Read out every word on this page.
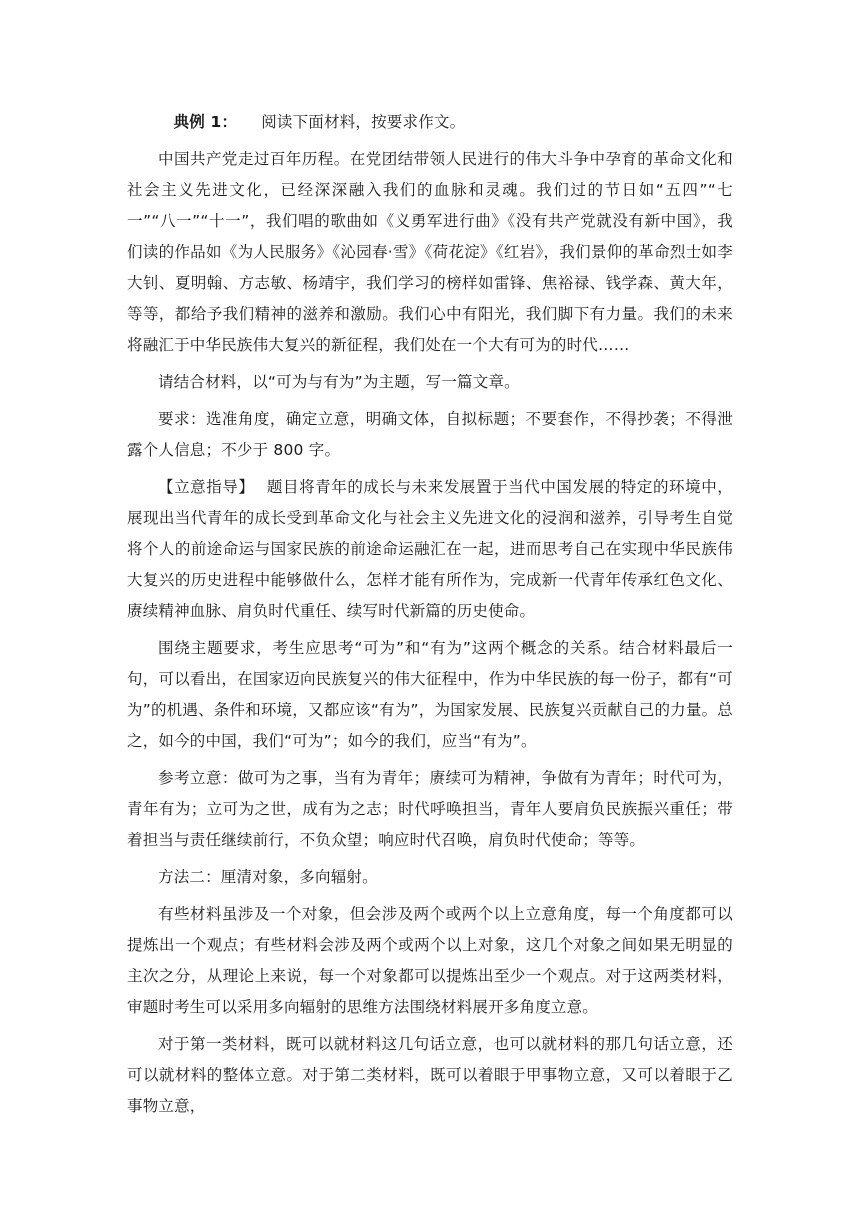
典例 1： 阅读下面材料，按要求作文。

中国共产党走过百年历程。在党团结带领人民进行的伟大斗争中孕育的革命文化和社会主义先进文化，已经深深融入我们的血脉和灵魂。我们过的节日如“五四”“七一”“八一”“十一”，我们唱的歌曲如《义勇军进行曲》《没有共产党就没有新中国》，我们读的作品如《为人民服务》《沁园春·雪》《荷花淀》《红岩》，我们景仰的革命烈士如李大钊、夏明翰、方志敏、杨靖宇，我们学习的榜样如雷锋、焦裕禄、钱学森、黄大年，等等，都给予我们精神的滋养和激励。我们心中有阳光，我们脚下有力量。我们的未来将融汇于中华民族伟大复兴的新征程，我们处在一个大有可为的时代……

请结合材料，以“可为与有为”为主题，写一篇文章。

要求：选准角度，确定立意，明确文体，自拟标题；不要套作，不得抄袭；不得泄露个人信息；不少于 800 字。

【立意指导】 题目将青年的成长与未来发展置于当代中国发展的特定的环境中，展现出当代青年的成长受到革命文化与社会主义先进文化的浸润和滋养，引导考生自觉将个人的前途命运与国家民族的前途命运融汇在一起，进而思考自己在实现中华民族伟大复兴的历史进程中能够做什么，怎样才能有所作为，完成新一代青年传承红色文化、赓续精神血脉、肩负时代重任、续写时代新篇的历史使命。

围绕主题要求，考生应思考“可为”和“有为”这两个概念的关系。结合材料最后一句，可以看出，在国家迈向民族复兴的伟大征程中，作为中华民族的每一份子，都有“可为”的机遇、条件和环境，又都应该“有为”，为国家发展、民族复兴贡献自己的力量。总之，如今的中国，我们“可为”；如今的我们，应当“有为”。

参考立意：做可为之事，当有为青年；赓续可为精神，争做有为青年；时代可为，青年有为；立可为之世，成有为之志；时代呼唤担当，青年人要肩负民族振兴重任；带着担当与责任继续前行，不负众望；响应时代召唤，肩负时代使命；等等。

方法二：厘清对象，多向辐射。

有些材料虽涉及一个对象，但会涉及两个或两个以上立意角度，每一个角度都可以提炼出一个观点；有些材料会涉及两个或两个以上对象，这几个对象之间如果无明显的主次之分，从理论上来说，每一个对象都可以提炼出至少一个观点。对于这两类材料，审题时考生可以采用多向辐射的思维方法围绕材料展开多角度立意。

对于第一类材料，既可以就材料这几句话立意，也可以就材料的那几句话立意，还可以就材料的整体立意。对于第二类材料，既可以着眼于甲事物立意，又可以着眼于乙事物立意，
